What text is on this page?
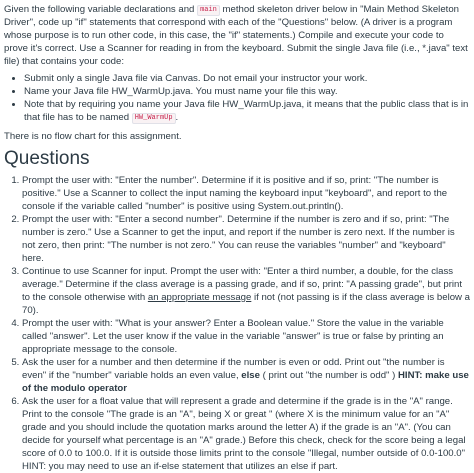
Given the following variable declarations and main method skeleton driver below in "Main Method Skeleton Driver", code up "if" statements that correspond with each of the "Questions" below. (A driver is a program whose purpose is to run other code, in this case, the "if" statements.) Compile and execute your code to prove it's correct. Use a Scanner for reading in from the keyboard. Submit the single Java file (i.e., *.java" text file) that contains your code:

• Submit only a single Java file via Canvas. Do not email your instructor your work.
• Name your Java file HW_WarmUp.java. You must name your file this way.
• Note that by requiring you name your Java file HW_WarmUp.java, it means that the public class that is in that file has to be named HW_WarmUp .

There is no flow chart for this assignment.

Questions
1. Prompt the user with: "Enter the number". Determine if it is positive and if so, print: "The number is positive." Use a Scanner to collect the input naming the keyboard input "keyboard", and report to the console if the variable called "number" is positive using System.out.println().
2. Prompt the user with: "Enter a second number". Determine if the number is zero and if so, print: "The number is zero." Use a Scanner to get the input, and report if the number is zero next. If the number is not zero, then print: "The number is not zero." You can reuse the variables "number" and "keyboard" here.
3. Continue to use Scanner for input. Prompt the user with: "Enter a third number, a double, for the class average." Determine if the class average is a passing grade, and if so, print: "A passing grade", but print to the console otherwise with an appropriate message if not (not passing is if the class average is below a 70).
4. Prompt the user with: "What is your answer? Enter a Boolean value." Store the value in the variable called "answer". Let the user know if the value in the variable "answer" is true or false by printing an appropriate message to the console.
5. Ask the user for a number and then determine if the number is even or odd. Print out "the number is even" if the "number" variable holds an even value, else ( print out "the number is odd" ) HINT: make use of the modulo operator
6. Ask the user for a float value that will represent a grade and determine if the grade is in the "A" range. Print to the console "The grade is an "A", being X or great " (where X is the minimum value for an "A" grade and you should include the quotation marks around the letter A) if the grade is an "A". (You can decide for yourself what percentage is an "A" grade.) Before this check, check for the score being a legal score of 0.0 to 100.0. If it is outside those limits print to the console "Illegal, number outside of 0.0-100.0" HINT: you may need to use an if-else statement that utilizes an else if part.
